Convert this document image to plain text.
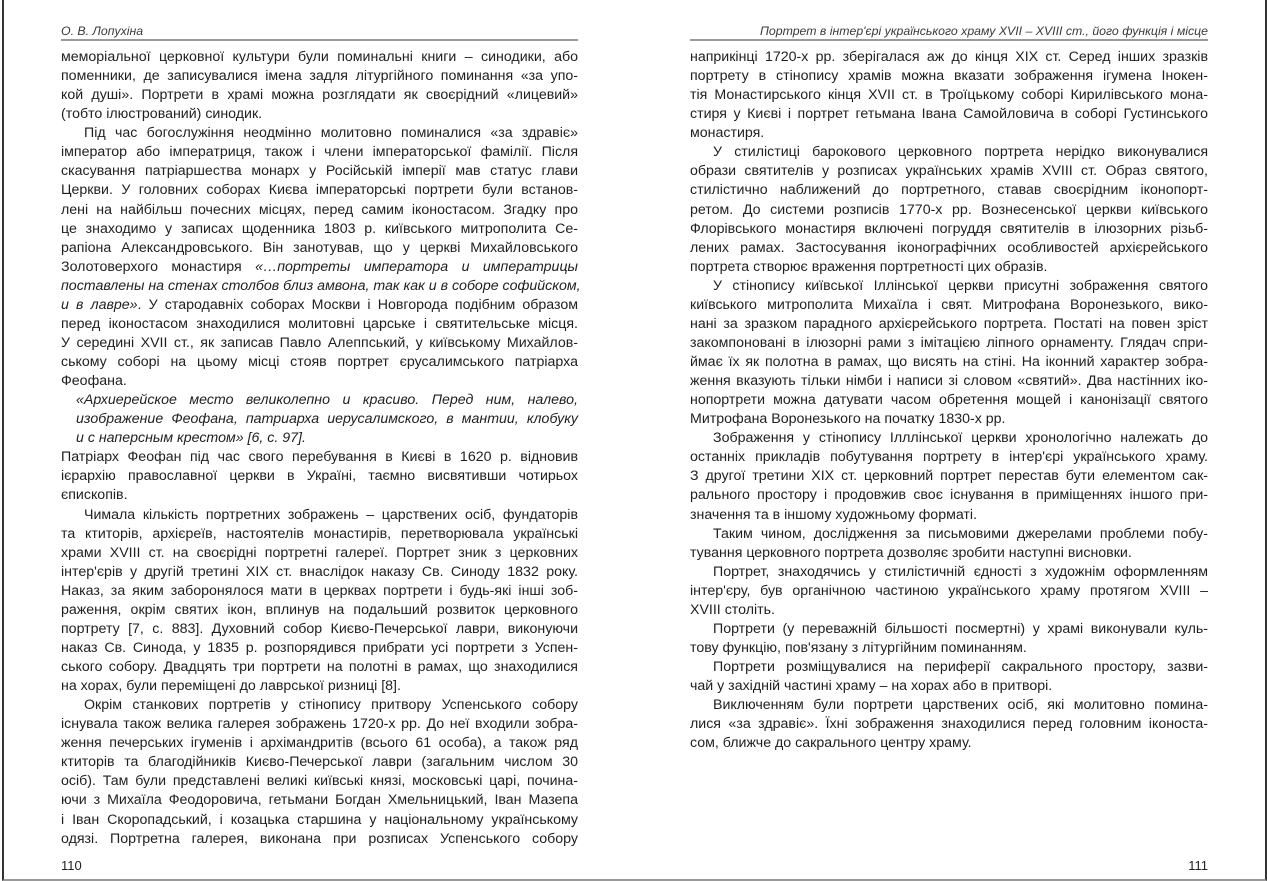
О. В. Лопухіна
меморіальної церковної культури були поминальні книги – синодики, або
поменники, де записувалися імена задля літургійного поминання «за упо-
кой душі». Портрети в храмі можна розглядати як своєрідний «лицевий»
(тобто ілюстрований) синодик.
Під час богослужіння неодмінно молитовно поминалися «за здравіє»
імператор або імператриця, також і члени імператорської фамілії. Після
скасування патріаршества монарх у Російській імперії мав статус глави
Церкви. У головних соборах Києва імператорські портрети були встанов-
лені на найбільш почесних місцях, перед самим іконостасом. Згадку про
це знаходимо у записах щоденника 1803 р. київського митрополита Се-
рапіона Александровського. Він занотував, що у церкві Михайловського
Золотоверхого монастиря «…портреты императора и императрицы
поставлены на стенах столбов близ амвона, так как и в соборе софийском,
и в лавре». У стародавніх соборах Москви і Новгорода подібним образом
перед іконостасом знаходилися молитовні царське і святительське місця.
У середині XVII ст., як записав Павло Алеппський, у київському Михайлов-
ському соборі на цьому місці стояв портрет єрусалимського патріарха
Феофана.
«Архиерейское место великолепно и красиво. Перед ним, налево,
изображение Феофана, патриарха иерусалимского, в мантии, клобуку
и с наперсным крестом» [6, с. 97].
Патріарх Феофан під час свого перебування в Києві в 1620 р. відновив
ієрархію православної церкви в Україні, таємно висвятивши чотирьох
єпископів.
Чимала кількість портретних зображень – царствених осіб, фундаторів
та ктиторів, архієреїв, настоятелів монастирів, перетворювала українські
храми XVIII ст. на своєрідні портретні галереї. Портрет зник з церковних
інтер'єрів у другій третині XIX ст. внаслідок наказу Св. Синоду 1832 року.
Наказ, за яким заборонялося мати в церквах портрети і будь-які інші зоб-
раження, окрім святих ікон, вплинув на подальший розвиток церковного
портрету [7, с. 883]. Духовний собор Києво-Печерської лаври, виконуючи
наказ Св. Синода, у 1835 р. розпорядився прибрати усі портрети з Успен-
ського собору. Двадцять три портрети на полотні в рамах, що знаходилися
на хорах, були переміщені до лаврської ризниці [8].
Окрім станкових портретів у стінопису притвору Успенського собору
існувала також велика галерея зображень 1720-х рр. До неї входили зобра-
ження печерських ігуменів і архімандритів (всього 61 особа), а також ряд
ктиторів та благодійників Києво-Печерської лаври (загальним числом 30
осіб). Там були представлені великі київські князі, московські царі, почина-
ючи з Михаїла Феодоровича, гетьмани Богдан Хмельницький, Іван Мазепа
і Іван Скоропадський, і козацька старшина у національному українському
одязі. Портретна галерея, виконана при розписах Успенського собору
110
Портрет в інтер'єрі українського храму XVII – XVIII ст., його функція і місце
наприкінці 1720-х рр. зберігалася аж до кінця XIX ст. Серед інших зразків
портрету в стінопису храмів можна вказати зображення ігумена Інокен-
тія Монастирського кінця XVII ст. в Троїцькому соборі Кирилівського мона-
стиря у Києві і портрет гетьмана Івана Самойловича в соборі Густинського
монастиря.
У стилістиці барокового церковного портрета нерідко виконувалися
образи святителів у розписах українських храмів XVIII ст. Образ святого,
стилістично наближений до портретного, ставав своєрідним іконопорт-
ретом. До системи розписів 1770-х рр. Вознесенської церкви київського
Флорівського монастиря включені погруддя святителів в ілюзорних різьб-
лених рамах. Застосування іконографічних особливостей архієрейського
портрета створює враження портретності цих образів.
У стінопису київської Іллінської церкви присутні зображення святого
київського митрополита Михаїла і свят. Митрофана Воронезького, вико-
нані за зразком парадного архієрейського портрета. Постаті на повен зріст
закомпоновані в ілюзорні рами з імітацією ліпного орнаменту. Глядач спри-
ймає їх як полотна в рамах, що висять на стіні. На іконний характер зобра-
ження вказують тільки німби і написи зі словом «святий». Два настінних іко-
нопортрети можна датувати часом обретення мощей і канонізації святого
Митрофана Воронезького на початку 1830-х рр.
Зображення у стінопису Ілллінської церкви хронологічно належать до
останніх прикладів побутування портрету в інтер'єрі українського храму.
З другої третини XIX ст. церковний портрет перестав бути елементом сак-
рального простору і продовжив своє існування в приміщеннях іншого при-
значення та в іншому художньому форматі.
Таким чином, дослідження за письмовими джерелами проблеми побу-
тування церковного портрета дозволяє зробити наступні висновки.
Портрет, знаходячись у стилістичній єдності з художнім оформленням
інтер'єру, був органічною частиною українського храму протягом XVIII –
XVIII століть.
Портрети (у переважній більшості посмертні) у храмі виконували куль-
тову функцію, пов'язану з літургійним поминанням.
Портрети розміщувалися на периферії сакрального простору, зазви-
чай у західній частині храму – на хорах або в притворі.
Виключенням були портрети царствених осіб, які молитовно помина-
лися «за здравіє». Їхні зображення знаходилися перед головним іконоста-
сом, ближче до сакрального центру храму.
111
